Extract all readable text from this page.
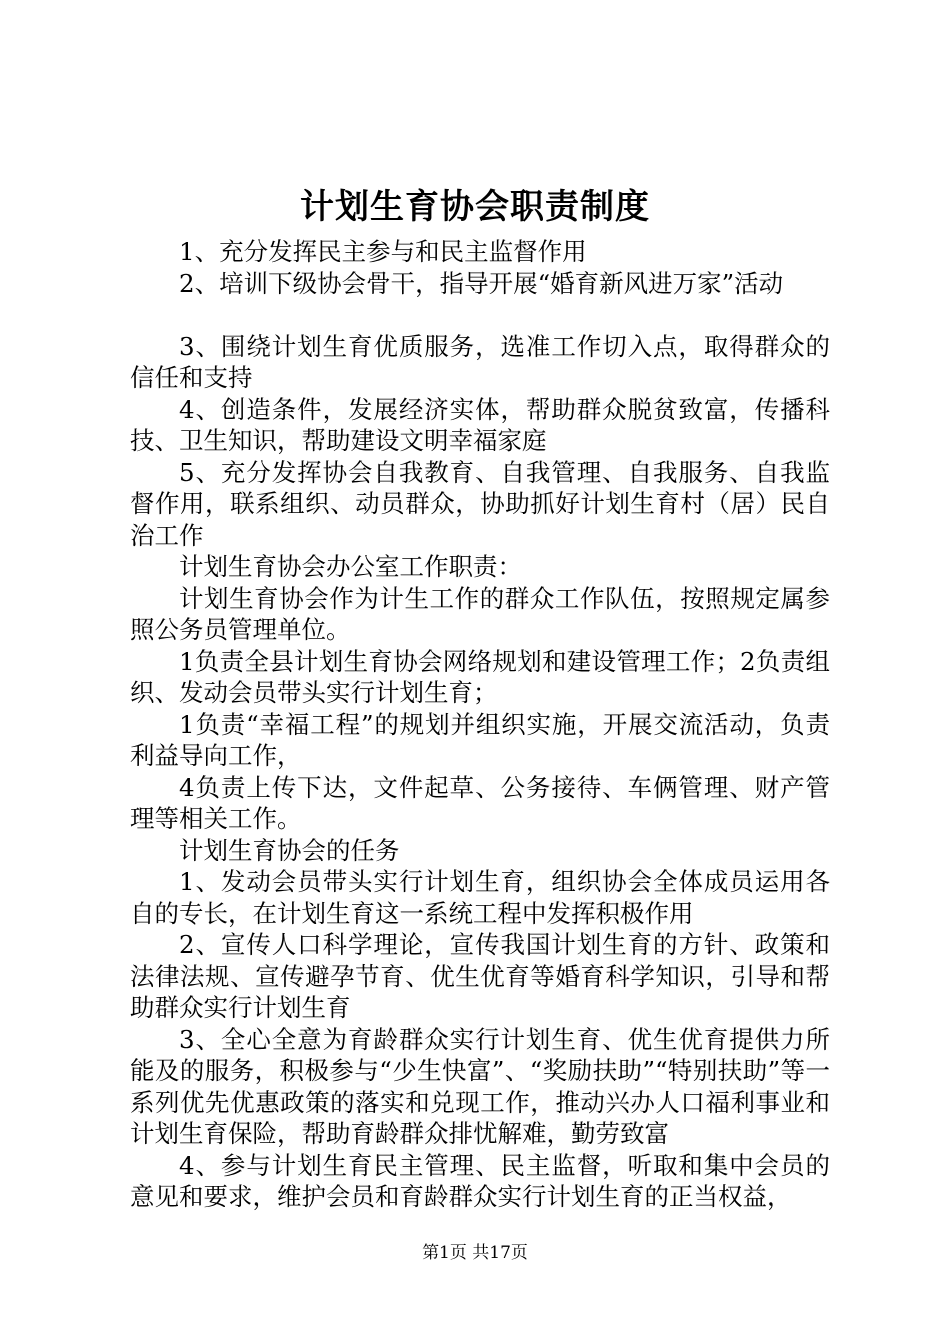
计划生育协会职责制度

1、充分发挥民主参与和民主监督作用

2、培训下级协会骨干，指导开展“婚育新风进万家”活动

3、围绕计划生育优质服务，选准工作切入点，取得群众的信任和支持

4、创造条件，发展经济实体，帮助群众脱贫致富，传播科技、卫生知识，帮助建设文明幸福家庭

5、充分发挥协会自我教育、自我管理、自我服务、自我监督作用，联系组织、动员群众，协助抓好计划生育村（居）民自治工作

计划生育协会办公室工作职责：

计划生育协会作为计生工作的群众工作队伍，按照规定属参照公务员管理单位。

1负责全县计划生育协会网络规划和建设管理工作；2负责组织、发动会员带头实行计划生育；

1负责“幸福工程”的规划并组织实施，开展交流活动，负责利益导向工作，

4负责上传下达，文件起草、公务接待、车俩管理、财产管理等相关工作。

计划生育协会的任务

1、发动会员带头实行计划生育，组织协会全体成员运用各自的专长，在计划生育这一系统工程中发挥积极作用

2、宣传人口科学理论，宣传我国计划生育的方针、政策和法律法规、宣传避孕节育、优生优育等婚育科学知识，引导和帮助群众实行计划生育

3、全心全意为育龄群众实行计划生育、优生优育提供力所能及的服务，积极参与“少生快富”、“奖励扶助”“特别扶助”等一系列优先优惠政策的落实和兑现工作，推动兴办人口福利事业和计划生育保险，帮助育龄群众排忧解难，勤劳致富

4、参与计划生育民主管理、民主监督，听取和集中会员的意见和要求，维护会员和育龄群众实行计划生育的正当权益，

第1页 共17页
